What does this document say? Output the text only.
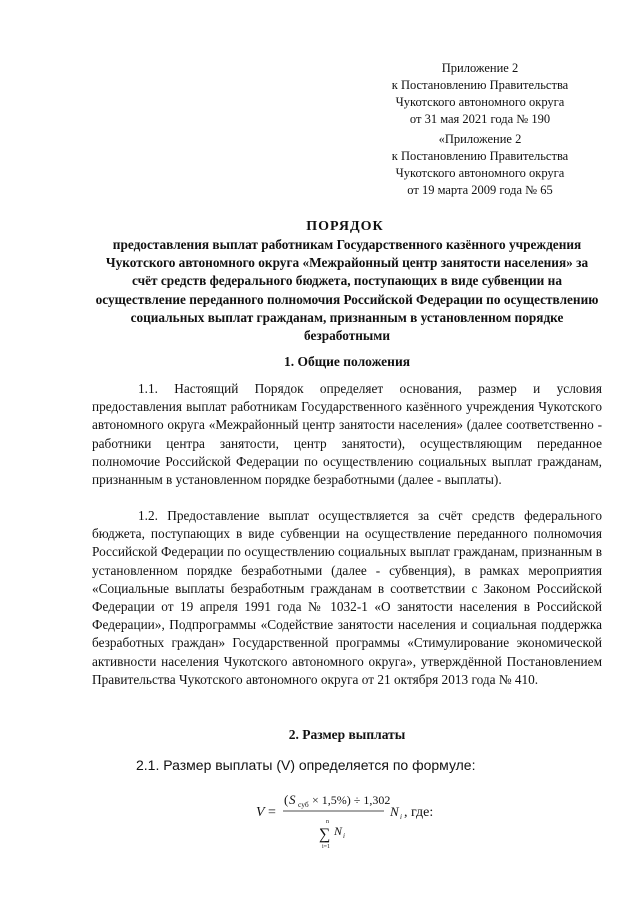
Приложение 2
к Постановлению Правительства
Чукотского автономного округа
от 31 мая 2021 года № 190
«Приложение 2
к Постановлению Правительства
Чукотского автономного округа
от 19 марта 2009 года № 65
ПОРЯДОК
предоставления выплат работникам Государственного казённого учреждения Чукотского автономного округа «Межрайонный центр занятости населения» за счёт средств федерального бюджета, поступающих в виде субвенции на осуществление переданного полномочия Российской Федерации по осуществлению социальных выплат гражданам, признанным в установленном порядке безработными
1. Общие положения

1.1. Настоящий Порядок определяет основания, размер и условия предоставления выплат работникам Государственного казённого учреждения Чукотского автономного округа «Межрайонный центр занятости населения» (далее соответственно - работники центра занятости, центр занятости), осуществляющим переданное полномочие Российской Федерации по осуществлению социальных выплат гражданам, признанным в установленном порядке безработными (далее - выплаты).

1.2. Предоставление выплат осуществляется за счёт средств федерального бюджета, поступающих в виде субвенции на осуществление переданного полномочия Российской Федерации по осуществлению социальных выплат гражданам, признанным в установленном порядке безработными (далее - субвенция), в рамках мероприятия «Социальные выплаты безработным гражданам в соответствии с Законом Российской Федерации от 19 апреля 1991 года № 1032-1 «О занятости населения в Российской Федерации», Подпрограммы «Содействие занятости населения и социальная поддержка безработных граждан» Государственной программы «Стимулирование экономической активности населения Чукотского автономного округа», утверждённой Постановлением Правительства Чукотского автономного округа от 21 октября 2013 года № 410.

2. Размер выплаты
2.1. Размер выплаты (V) определяется по формуле:
V =
( S суб × 1,5%) ÷ 1,302
n
∑
i=1
N i
N i , где:
